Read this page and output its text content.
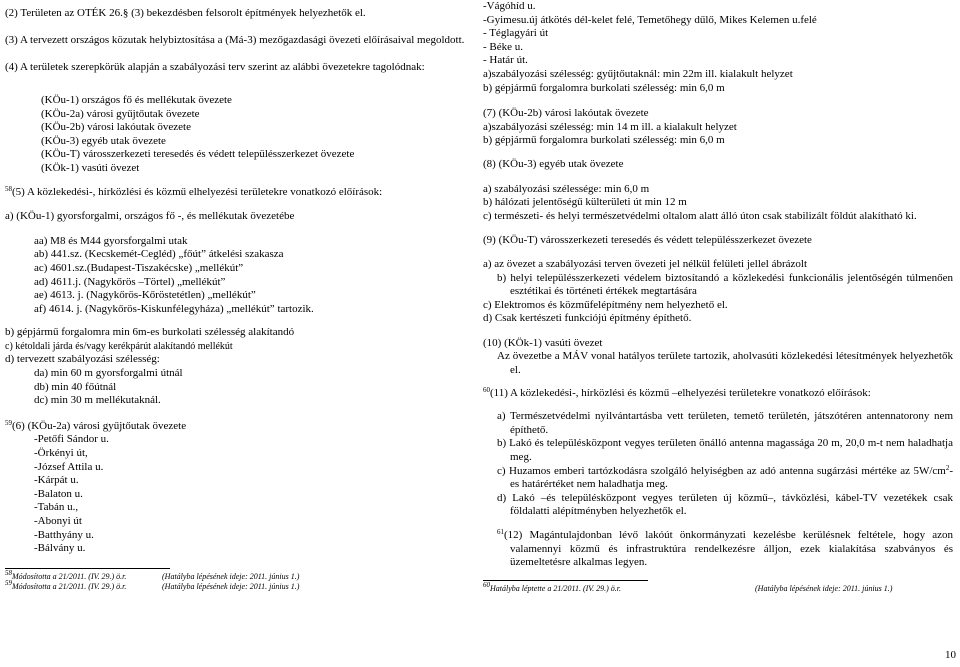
(2) Területen az OTÉK 26.§ (3) bekezdésben felsorolt építmények helyezhetők el.

(3) A tervezett országos közutak helybiztosítása a (Má-3) mezőgazdasági övezeti előírásaival megoldott.

(4) A területek szerepkörük alapján a szabályozási terv szerint az alábbi övezetekre tagolódnak:

(KÖu-1) országos fő és mellékutak övezete

(KÖu-2a) városi gyűjtőutak övezete

(KÖu-2b) városi lakóutak övezete

(KÖu-3) egyéb utak övezete

(KÖu-T) városszerkezeti teresedés és védett településszerkezet övezete

(KÖk-1) vasúti övezet

$^{58}$(5) A közlekedési-, hírközlési és közmű elhelyezési területekre vonatkozó előírások:

a) (KÖu-1) gyorsforgalmi, országos fő -, és mellékutak övezetébe

aa) M8 és M44 gyorsforgalmi utak

ab) 441.sz. (Kecskemét-Cegléd) „főút” átkelési szakasza

ac) 4601.sz.(Budapest-Tiszakécske) „mellékút”

ad) 4611.j. (Nagykőrös –Törtel) „mellékút”

ae) 4613. j. (Nagykőrös-Kőröstetétlen) „mellékút”

af) 4614. j. (Nagykőrös-Kiskunfélegyháza) „mellékút” tartozik.

b) gépjármű forgalomra min 6m-es burkolati szélesség alakítandó

c) kétoldali járda és/vagy kerékpárút alakítandó mellékút

d) tervezett szabályozási szélesség:

da) min 60 m gyorsforgalmi útnál

db) min 40 főútnál

dc) min 30 m mellékutaknál.

$^{59}$(6) (KÖu-2a) városi gyűjtőutak övezete

-Petőfi Sándor u.

-Örkényi út,

-József Attila u.

-Kárpát u.

-Balaton u.

-Tabán u.,

-Abonyi út

-Batthyány u.

-Bálvány u.

$^{58}$Módosította a 21/2011. (IV. 29.) ö.r.	(Hatályba lépésének ideje: 2011. június 1.)
$^{59}$Módosította a 21/2011. (IV. 29.) ö.r.	(Hatályba lépésének ideje: 2011. június 1.)

-Vágóhíd u.

-Gyimesu.új átkötés dél-kelet felé, Temetőhegy dűlő, Mikes Kelemen u.felé

- Téglagyári út

- Béke u.

- Határ út.

a)szabályozási szélesség: gyűjtőutaknál: min 22m ill. kialakult helyzet

b) gépjármű forgalomra burkolati szélesség: min 6,0 m

(7) (KÖu-2b) városi lakóutak övezete

a)szabályozási szélesség: min 14 m ill. a kialakult helyzet

b) gépjármű forgalomra burkolati szélesség: min 6,0 m

(8) (KÖu-3) egyéb utak övezete

a) szabályozási szélessége: min 6,0 m

b) hálózati jelentőségű külterületi út min 12 m

c) természeti- és helyi természetvédelmi oltalom alatt álló úton csak stabilizált földút alakítható ki.

(9) (KÖu-T) városszerkezeti teresedés és védett településszerkezet övezete

a) az övezet a szabályozási terven övezeti jel nélkül felületi jellel ábrázolt

b) helyi településszerkezeti védelem biztosítandó a közlekedési funkcionális jelentőségén túlmenően esztétikai és történeti értékek megtartására

c) Elektromos és közműfelépítmény nem helyezhető el.

d) Csak kertészeti funkciójú építmény építhető.

(10) (KÖk-1) vasúti övezet

Az övezetbe a MÁV vonal hatályos területe tartozik, aholvasúti közlekedési létesítmények helyezhetők el.

$^{60}$(11) A közlekedési-, hírközlési és közmű –elhelyezési területekre vonatkozó előírások:

a) Természetvédelmi nyilvántartásba vett területen, temető területén, játszótéren antennatorony nem építhető.

b) Lakó és településközpont vegyes területen önálló antenna magassága 20 m, 20,0 m-t nem haladhatja meg.

c) Huzamos emberi tartózkodásra szolgáló helyiségben az adó antenna sugárzási mértéke az $5W/cm^2-es$ határértéket nem haladhatja meg.

d) Lakó –és településközpont vegyes területen új közmű–, távközlési, kábel-TV vezetékek csak földalatti alépítményben helyezhetők el.

$^{61}$(12) Magántulajdonban lévő lakóút önkormányzati kezelésbe kerülésnek feltétele, hogy azon valamennyi közmű és infrastruktúra rendelkezésre álljon, ezek kialakítása szabványos és üzemeltetésre alkalmas legyen.

$^{60}$Hatályba léptette a 21/2011. (IV. 29.) ö.r.	(Hatályba lépésének ideje: 2011. június 1.)
10
